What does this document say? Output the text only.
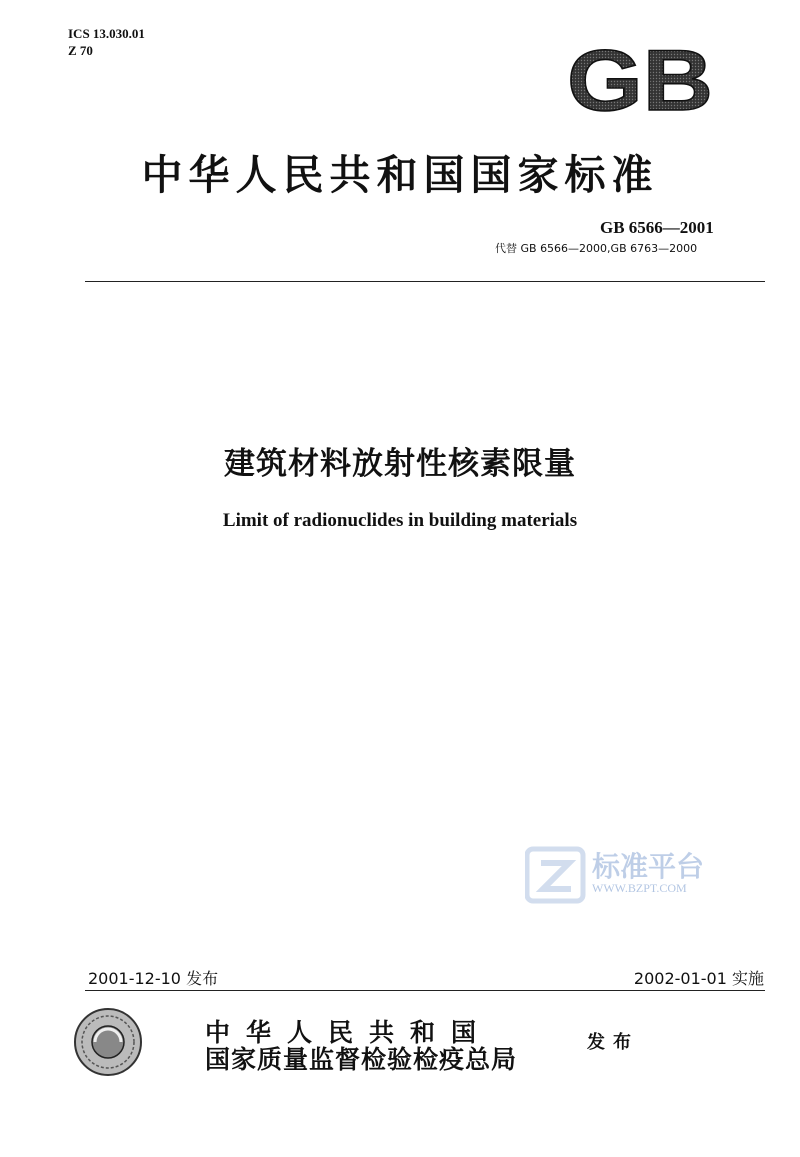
ICS 13.030.01
Z 70	GB
中华人民共和国国家标准
GB 6566—2001
代替 GB 6566—2000,GB 6763—2000
建筑材料放射性核素限量
Limit of radionuclides in building materials
标准平台
WWW.BZPT.COM
2001-12-10 发布	2002-01-01 实施
中华人民共和国
国家质量监督检验检疫总局
发布
